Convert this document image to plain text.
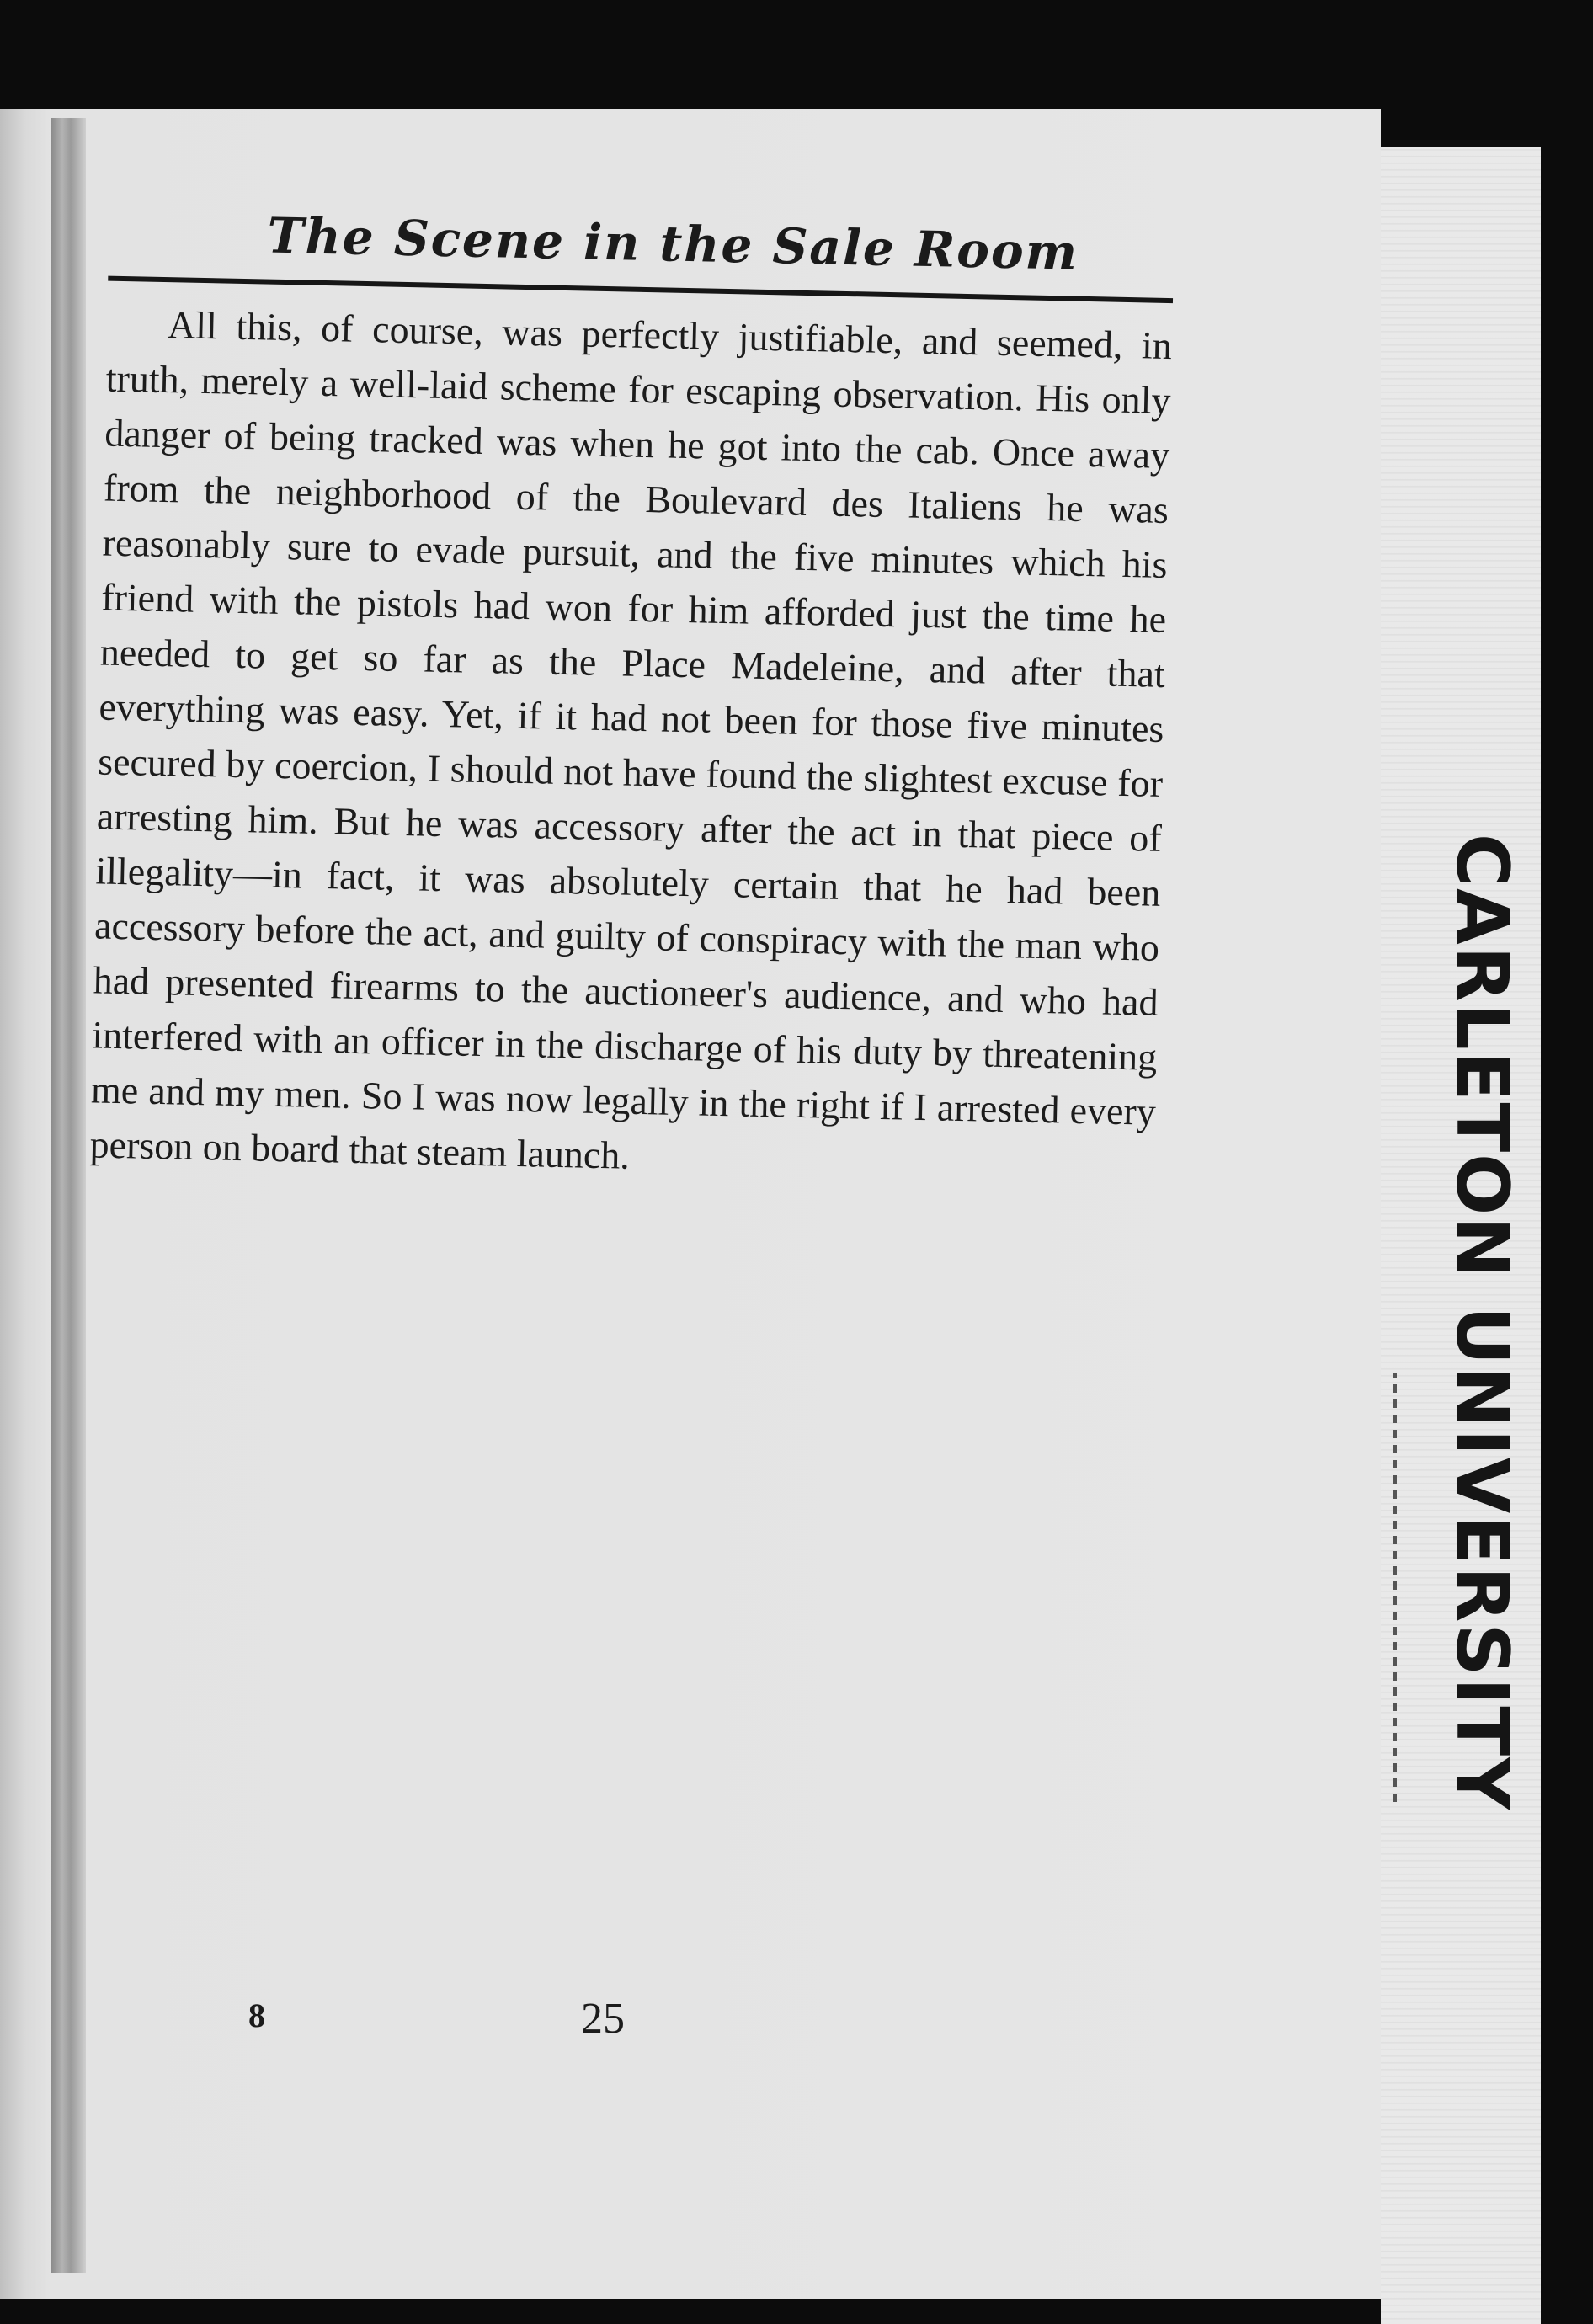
The Scene in the Sale Room

All this, of course, was perfectly justifiable, and seemed, in truth, merely a well-laid scheme for escaping observation. His only danger of being tracked was when he got into the cab. Once away from the neighborhood of the Boulevard des Italiens he was reasonably sure to evade pursuit, and the five minutes which his friend with the pistols had won for him afforded just the time he needed to get so far as the Place Madeleine, and after that everything was easy. Yet, if it had not been for those five minutes secured by coercion, I should not have found the slightest excuse for arresting him. But he was accessory after the act in that piece of illegality—in fact, it was absolutely certain that he had been accessory before the act, and guilty of conspiracy with the man who had presented firearms to the auctioneer's audience, and who had interfered with an officer in the discharge of his duty by threatening me and my men. So I was now legally in the right if I arrested every person on board that steam launch.

8	25
CARLETON UNIVERSITY
